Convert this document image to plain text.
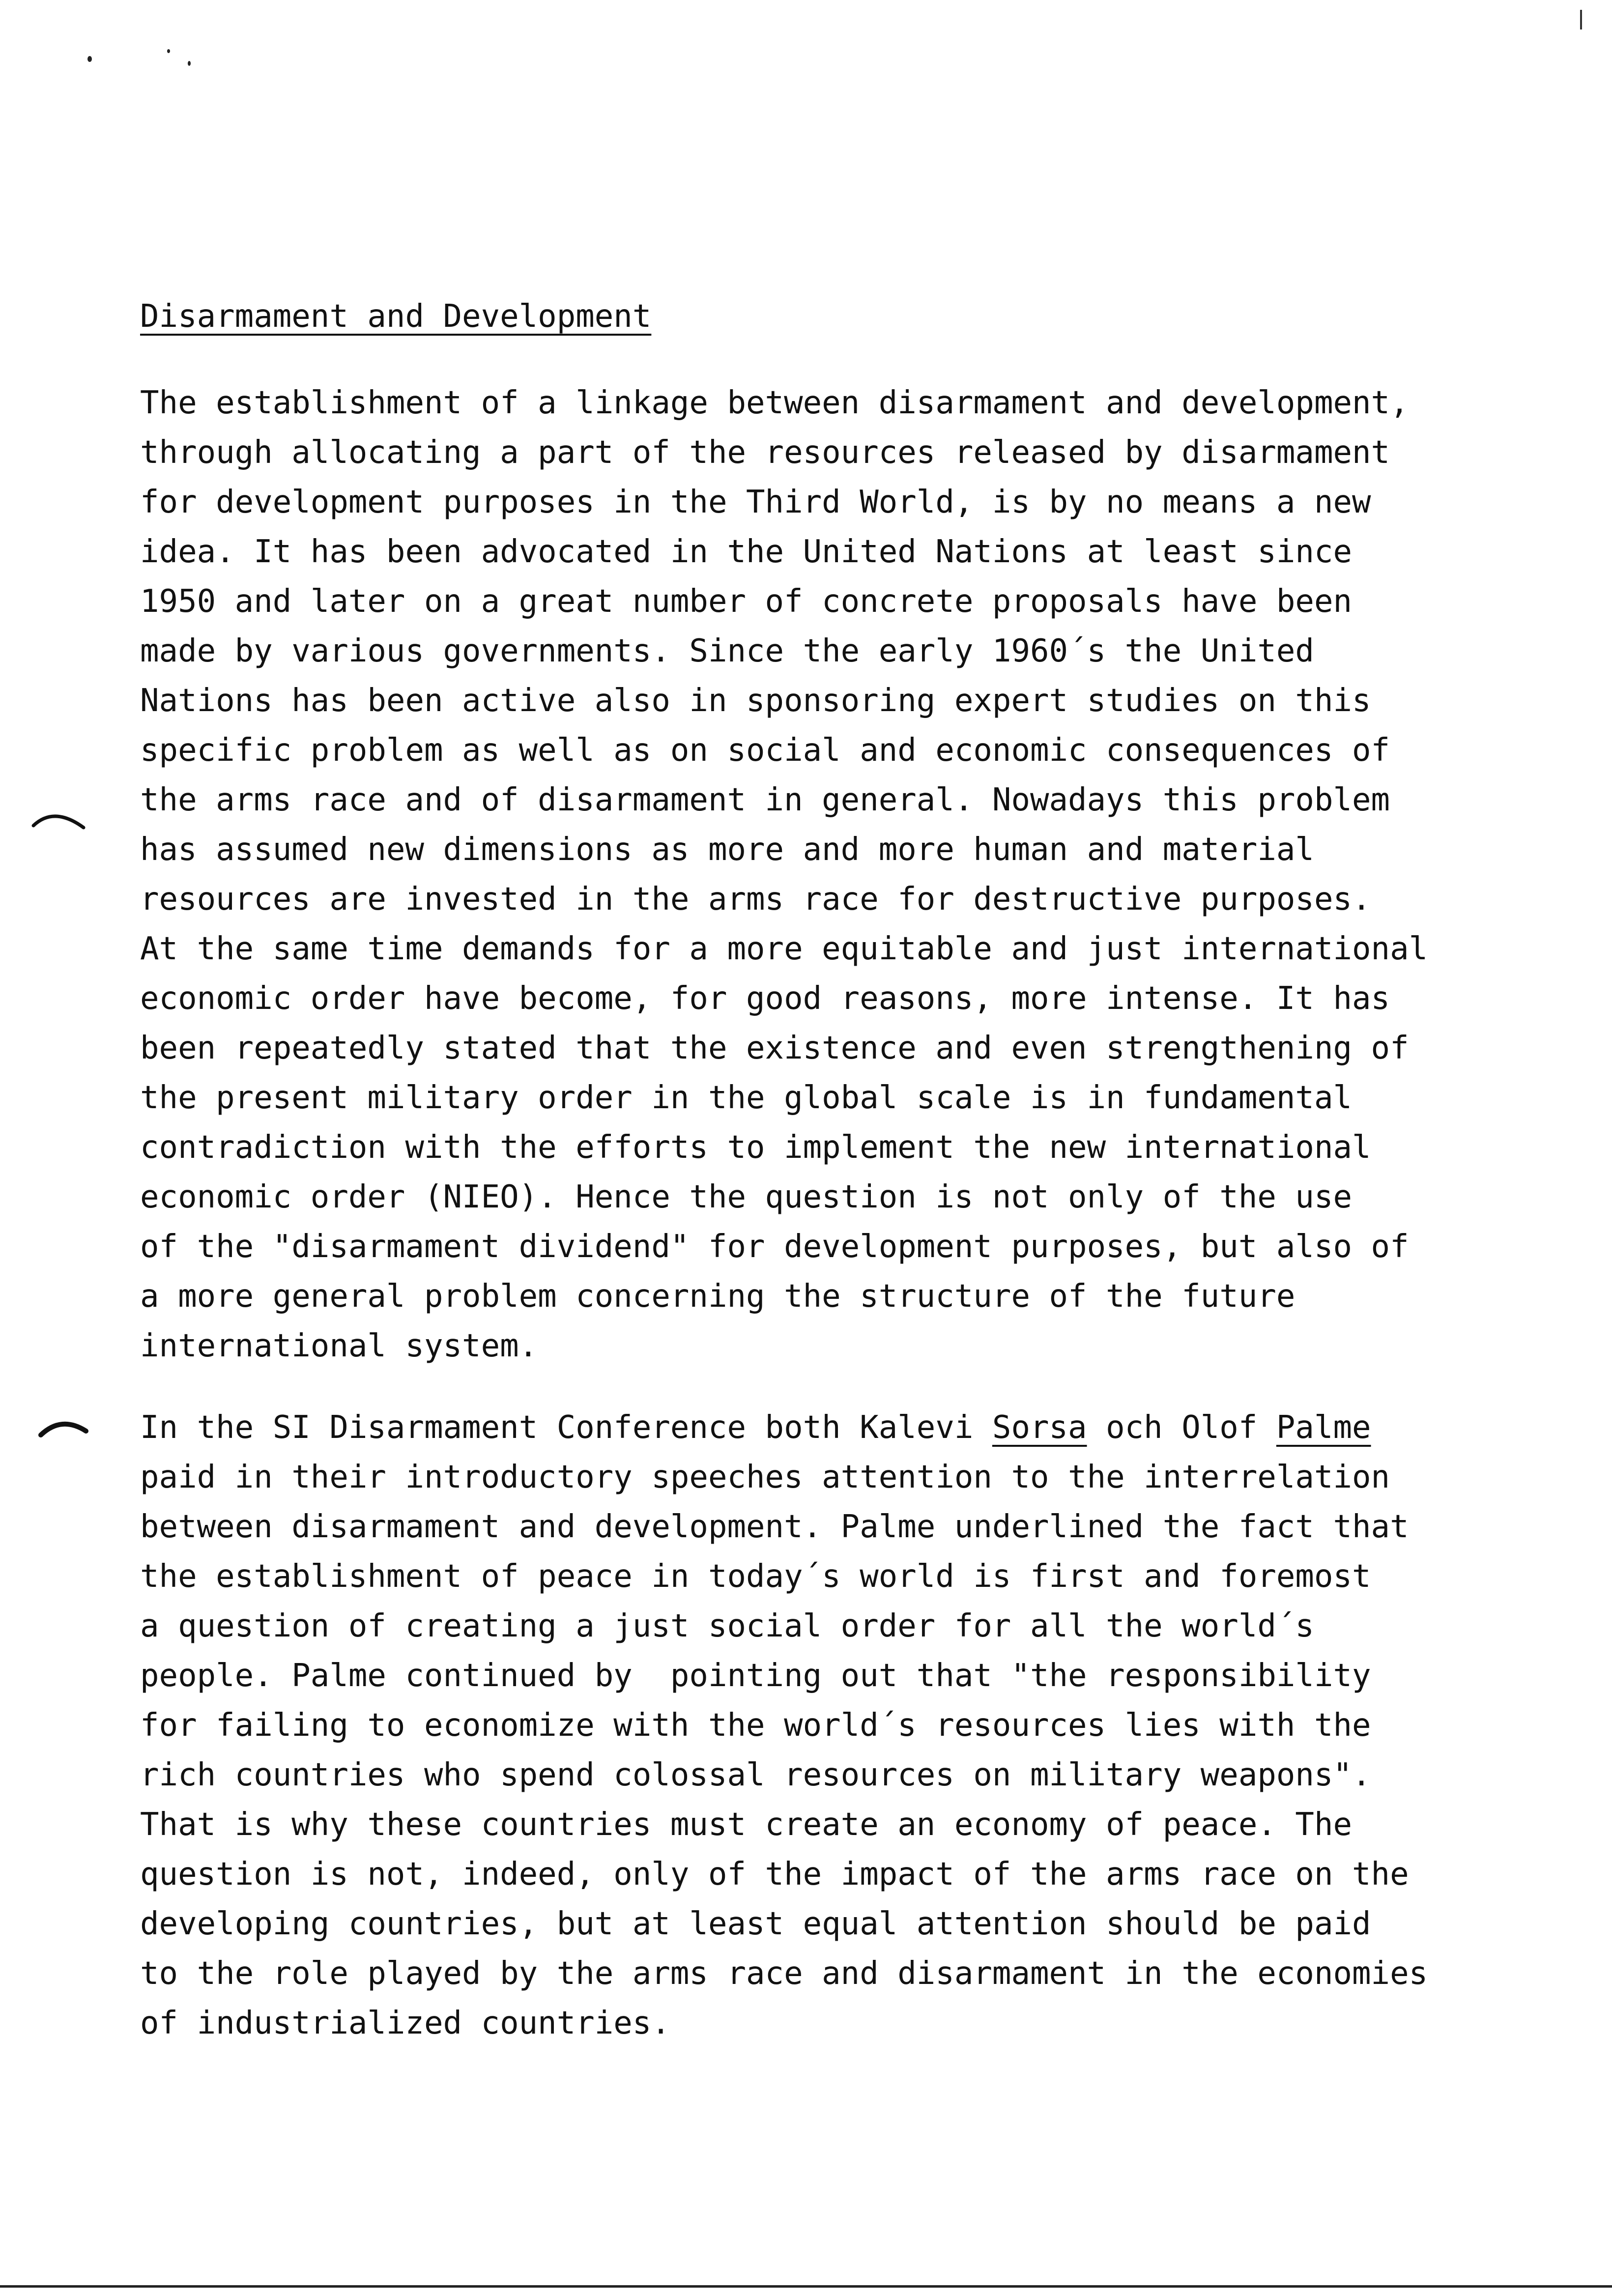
Disarmament and Development
The establishment of a linkage between disarmament and development,
through allocating a part of the resources released by disarmament
for development purposes in the Third World, is by no means a new
idea. It has been advocated in the United Nations at least since
1950 and later on a great number of concrete proposals have been
made by various governments. Since the early 1960´s the United
Nations has been active also in sponsoring expert studies on this
specific problem as well as on social and economic consequences of
the arms race and of disarmament in general. Nowadays this problem
has assumed new dimensions as more and more human and material
resources are invested in the arms race for destructive purposes.
At the same time demands for a more equitable and just international
economic order have become, for good reasons, more intense. It has
been repeatedly stated that the existence and even strengthening of
the present military order in the global scale is in fundamental
contradiction with the efforts to implement the new international
economic order (NIEO). Hence the question is not only of the use
of the "disarmament dividend" for development purposes, but also of
a more general problem concerning the structure of the future
international system.
In the SI Disarmament Conference both Kalevi Sorsa och Olof Palme
paid in their introductory speeches attention to the interrelation
between disarmament and development. Palme underlined the fact that
the establishment of peace in today´s world is first and foremost
a question of creating a just social order for all the world´s
people. Palme continued by  pointing out that "the responsibility
for failing to economize with the world´s resources lies with the
rich countries who spend colossal resources on military weapons".
That is why these countries must create an economy of peace. The
question is not, indeed, only of the impact of the arms race on the
developing countries, but at least equal attention should be paid
to the role played by the arms race and disarmament in the economies
of industrialized countries.
